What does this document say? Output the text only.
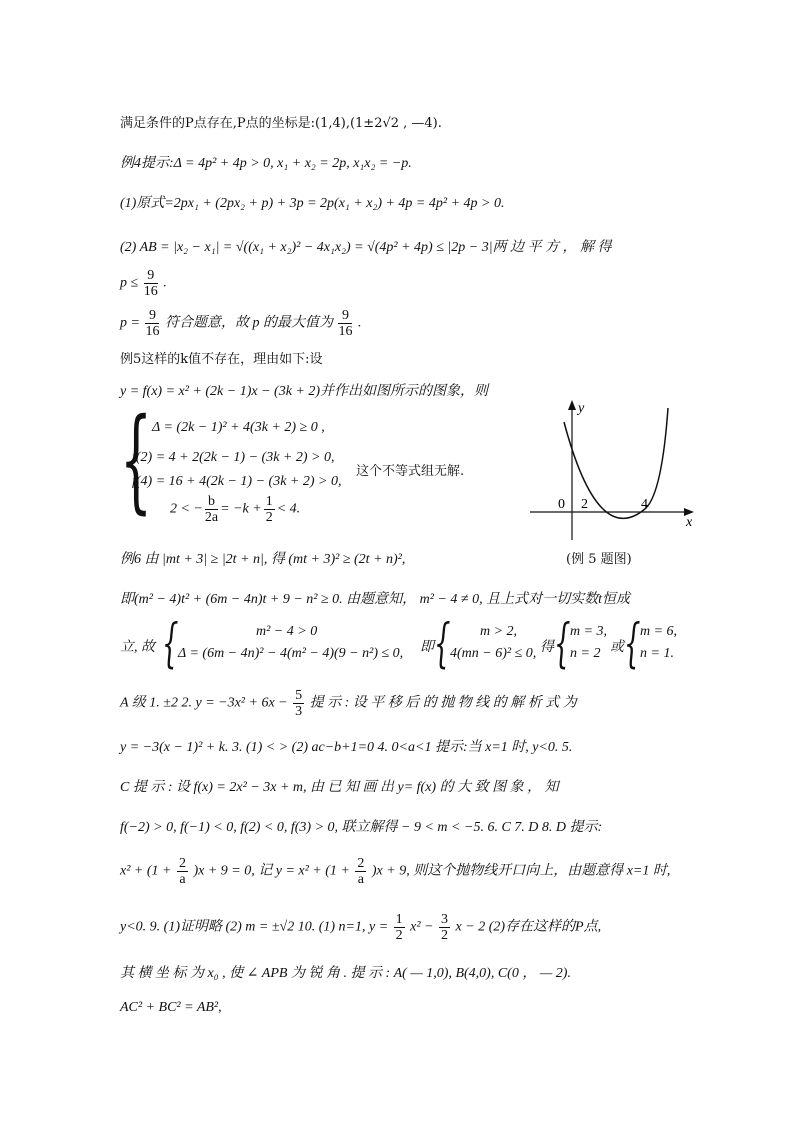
满足条件的P点存在,P点的坐标是:(1,4),(1±2√2 , —4).
例4提示:Δ = 4p² + 4p > 0, x₁ + x₂ = 2p, x₁x₂ = −p.
(1)原式=2px₁ + (2px₂ + p) + 3p = 2p(x₁ + x₂) + 4p = 4p² + 4p > 0.
(2) AB = |x₂ − x₁| = √((x₁ + x₂)² − 4x₁x₂) = √(4p² + 4p) ≤ |2p − 3|两 边 平 方 ， 解 得
$p \le \frac{9}{16}$ .
$p = \frac{9}{16}$ 符合题意，故 p 的最大值为 $\frac{9}{16}$ .
例5这样的k值不存在，理由如下:设
y = f(x) = x² + (2k − 1)x − (3k + 2)并作出如图所示的图象，则
{ Δ = (2k − 1)² + 4(3k + 2) ≥ 0 ,
f(2) = 4 + 2(2k − 1) − (3k + 2) > 0,
f(4) = 16 + 4(2k − 1) − (3k + 2) > 0,
这个不等式组无解.
2 < − $\frac{b}{2a} = -k + \frac{1}{2} < 4$.
y
x
0 2	4
(例 5 题图)
例6 由 |mt + 3| ≥ |2t + n|, 得 (mt + 3)² ≥ (2t + n)²,
即(m² − 4)t² + (6m − 4n)t + 9 − n² ≥ 0. 由题意知， m² − 4 ≠ 0, 且上式对一切实数t恒成
立, 故 {	m² − 4 > 0
Δ = (6m − 4n)² − 4(m² − 4)(9 − n²) ≤ 0, 即 { m > 2,
4(mn − 6)² ≤ 0, 得 { m = 3,
n = 2 或 { m = 6,
n = 1.
A 级 1. ±2 2. $y = -3x^2 + 6x - \frac{5}{3}$ 提 示 : 设 平 移 后 的 抛 物 线 的 解 析 式 为
y = −3(x − 1)² + k. 3. (1) < > (2) ac−b+1=0 4. 0<a<1 提示:当 x=1 时, y<0. 5.
C 提 示 : 设 f(x) = 2x² − 3x + m, 由 已 知 画 出 y= f(x) 的 大 致 图 象 ， 知
f(−2) > 0, f(−1) < 0, f(2) < 0, f(3) > 0, 联立解得 − 9 < m < −5. 6. C 7. D 8. D 提示:
$x^2 + (1 + \frac{2}{a} )x + 9 = 0$, 记 $y = x^2 + (1 + \frac{2}{a} )x + 9$, 则这个抛物线开口向上，由题意得 x=1 时,
y<0. 9. (1)证明略 (2) m = ±√2 10. (1) n=1, $y = \frac{1}{2} x^2 - \frac{3}{2}$ x − 2 (2)存在这样的P点,
其 横 坐 标 为 x₀ , 使 ∠ APB 为 锐 角 . 提 示 : A( — 1,0), B(4,0), C(0 ， — 2).
AC² + BC² = AB²,
